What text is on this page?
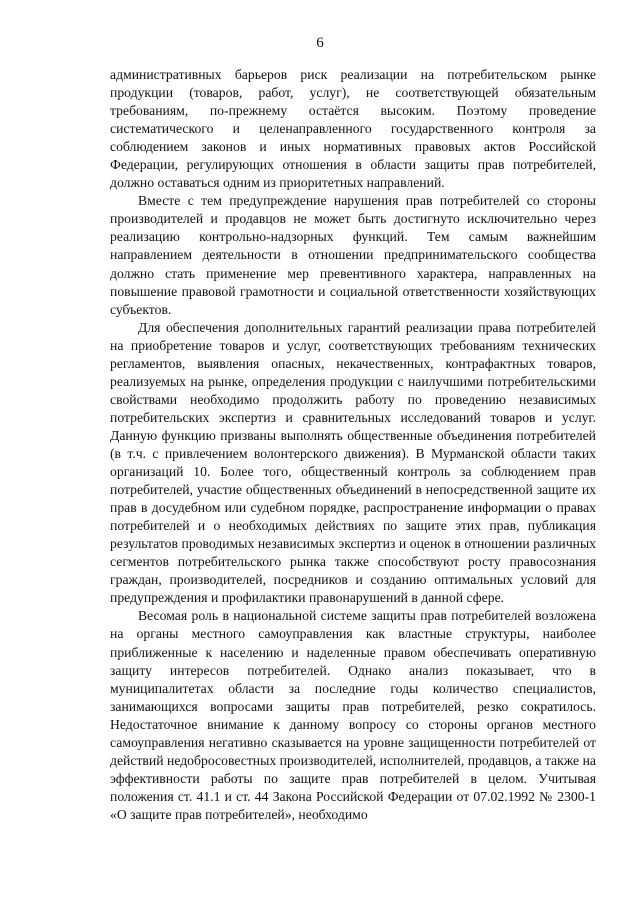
6

административных барьеров риск реализации на потребительском рынке продукции (товаров, работ, услуг), не соответствующей обязательным требованиям, по-прежнему остаётся высоким. Поэтому проведение систематического и целенаправленного государственного контроля за соблюдением законов и иных нормативных правовых актов Российской Федерации, регулирующих отношения в области защиты прав потребителей, должно оставаться одним из приоритетных направлений.

Вместе с тем предупреждение нарушения прав потребителей со стороны производителей и продавцов не может быть достигнуто исключительно через реализацию контрольно-надзорных функций. Тем самым важнейшим направлением деятельности в отношении предпринимательского сообщества должно стать применение мер превентивного характера, направленных на повышение правовой грамотности и социальной ответственности хозяйствующих субъектов.

Для обеспечения дополнительных гарантий реализации права потребителей на приобретение товаров и услуг, соответствующих требованиям технических регламентов, выявления опасных, некачественных, контрафактных товаров, реализуемых на рынке, определения продукции с наилучшими потребительскими свойствами необходимо продолжить работу по проведению независимых потребительских экспертиз и сравнительных исследований товаров и услуг. Данную функцию призваны выполнять общественные объединения потребителей (в т.ч. с привлечением волонтерского движения). В Мурманской области таких организаций 10. Более того, общественный контроль за соблюдением прав потребителей, участие общественных объединений в непосредственной защите их прав в досудебном или судебном порядке, распространение информации о правах потребителей и о необходимых действиях по защите этих прав, публикация результатов проводимых независимых экспертиз и оценок в отношении различных сегментов потребительского рынка также способствуют росту правосознания граждан, производителей, посредников и созданию оптимальных условий для предупреждения и профилактики правонарушений в данной сфере.

Весомая роль в национальной системе защиты прав потребителей возложена на органы местного самоуправления как властные структуры, наиболее приближенные к населению и наделенные правом обеспечивать оперативную защиту интересов потребителей. Однако анализ показывает, что в муниципалитетах области за последние годы количество специалистов, занимающихся вопросами защиты прав потребителей, резко сократилось. Недостаточное внимание к данному вопросу со стороны органов местного самоуправления негативно сказывается на уровне защищенности потребителей от действий недобросовестных производителей, исполнителей, продавцов, а также на эффективности работы по защите прав потребителей в целом. Учитывая положения ст. 41.1 и ст. 44 Закона Российской Федерации от 07.02.1992 № 2300-1 «О защите прав потребителей», необходимо
